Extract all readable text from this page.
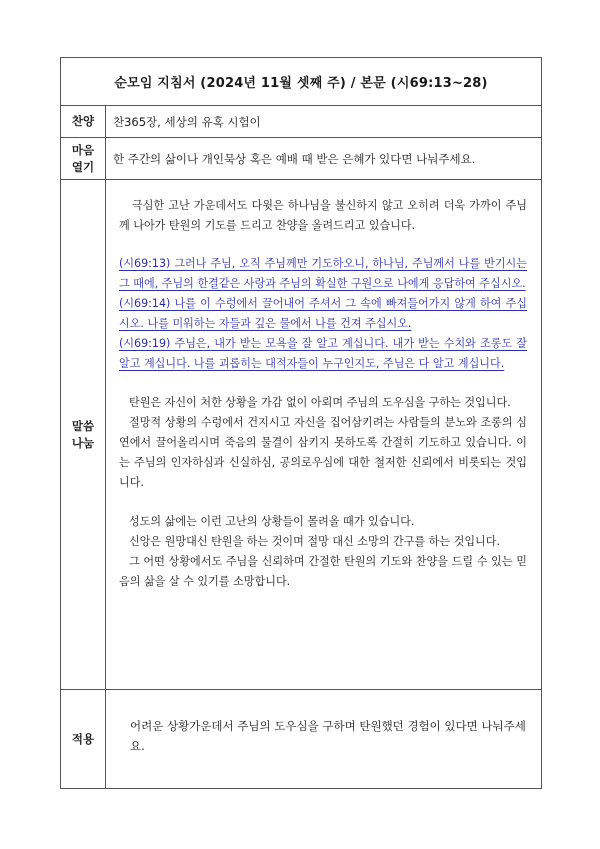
순모임 지침서 (2024년 11월 셋째 주) / 본문 (시69:13~28)
찬양	찬365장, 세상의 유혹 시험이
마음
열기
한 주간의 삶이나 개인묵상 혹은 예배 때 받은 은혜가 있다면 나눠주세요.
말씀
나눔

극심한 고난 가운데서도 다윗은 하나님을 불신하지 않고 오히려 더욱 가까이 주님께 나아가 탄원의 기도를 드리고 찬양을 올려드리고 있습니다.

(시69:13) 그러나 주님, 오직 주님께만 기도하오니, 하나님, 주님께서 나를 반기시는 그 때에, 주님의 한결같은 사랑과 주님의 확실한 구원으로 나에게 응답하여 주십시오.
(시69:14) 나를 이 수렁에서 끌어내어 주셔서 그 속에 빠져들어가지 않게 하여 주십시오. 나를 미워하는 자들과 깊은 물에서 나를 건져 주십시오.
(시69:19) 주님은, 내가 받는 모욕을 잘 알고 계십니다. 내가 받는 수치와 조롱도 잘 알고 계십니다. 나를 괴롭히는 대적자들이 누구인지도, 주님은 다 알고 계십니다.

탄원은 자신이 처한 상황을 가감 없이 아뢰며 주님의 도우심을 구하는 것입니다.

절망적 상황의 수렁에서 건지시고 자신을 집어삼키려는 사람들의 분노와 조롱의 심연에서 끌어올리시며 죽음의 물결이 삼키지 못하도록 간절히 기도하고 있습니다. 이는 주님의 인자하심과 신실하심, 공의로우심에 대한 철저한 신뢰에서 비롯되는 것입니다.

성도의 삶에는 이런 고난의 상황들이 몰려올 때가 있습니다.

신앙은 원망대신 탄원을 하는 것이며 절망 대신 소망의 간구를 하는 것입니다.

그 어떤 상황에서도 주님을 신뢰하며 간절한 탄원의 기도와 찬양을 드릴 수 있는 믿음의 삶을 살 수 있기를 소망합니다.

적용
어려운 상황가운데서 주님의 도우심을 구하며 탄원했던 경험이 있다면 나눠주세요.
